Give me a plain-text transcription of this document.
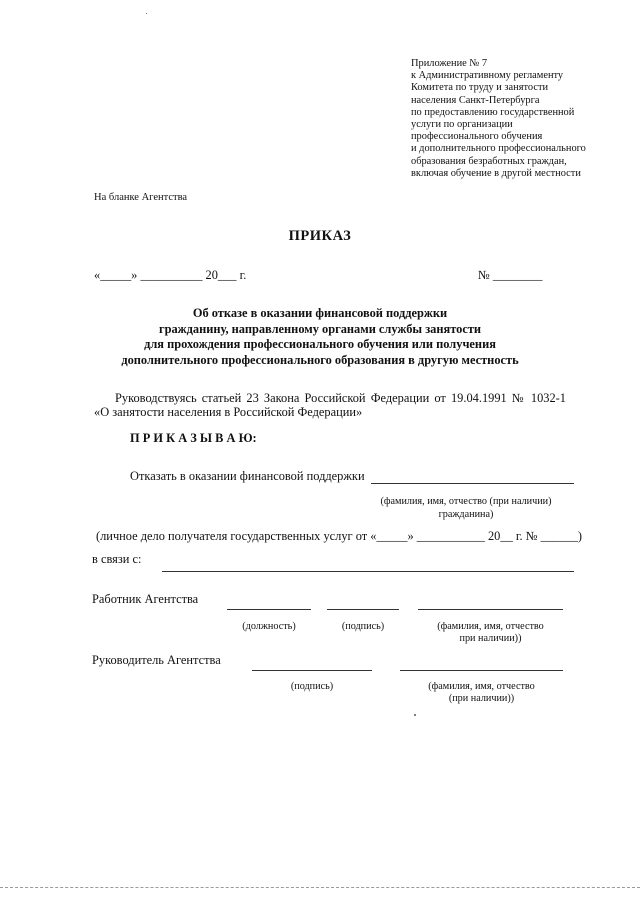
Приложение № 7
к Административному регламенту
Комитета по труду и занятости
населения Санкт-Петербурга
по предоставлению государственной
услуги по организации
профессионального обучения
и дополнительного профессионального
образования безработных граждан,
включая обучение в другой местности
На бланке Агентства
ПРИКАЗ
«_____» __________ 20___ г.	№ ________
Об отказе в оказании финансовой поддержки
гражданину, направленному органами службы занятости
для прохождения профессионального обучения или получения
дополнительного профессионального образования в другую местность
Руководствуясь статьей 23 Закона Российской Федерации от 19.04.1991 № 1032-1
«О занятости населения в Российской Федерации»
П Р И К А З Ы В А Ю:
Отказать в оказании финансовой поддержки
(фамилия, имя, отчество (при наличии)
гражданина)
(личное дело получателя государственных услуг от «_____» ___________ 20__ г. № ______)
в связи с:
Работник Агентства
(должность)	(подпись)	(фамилия, имя, отчество
при наличии))
Руководитель Агентства
(подпись)	(фамилия, имя, отчество
(при наличии))
